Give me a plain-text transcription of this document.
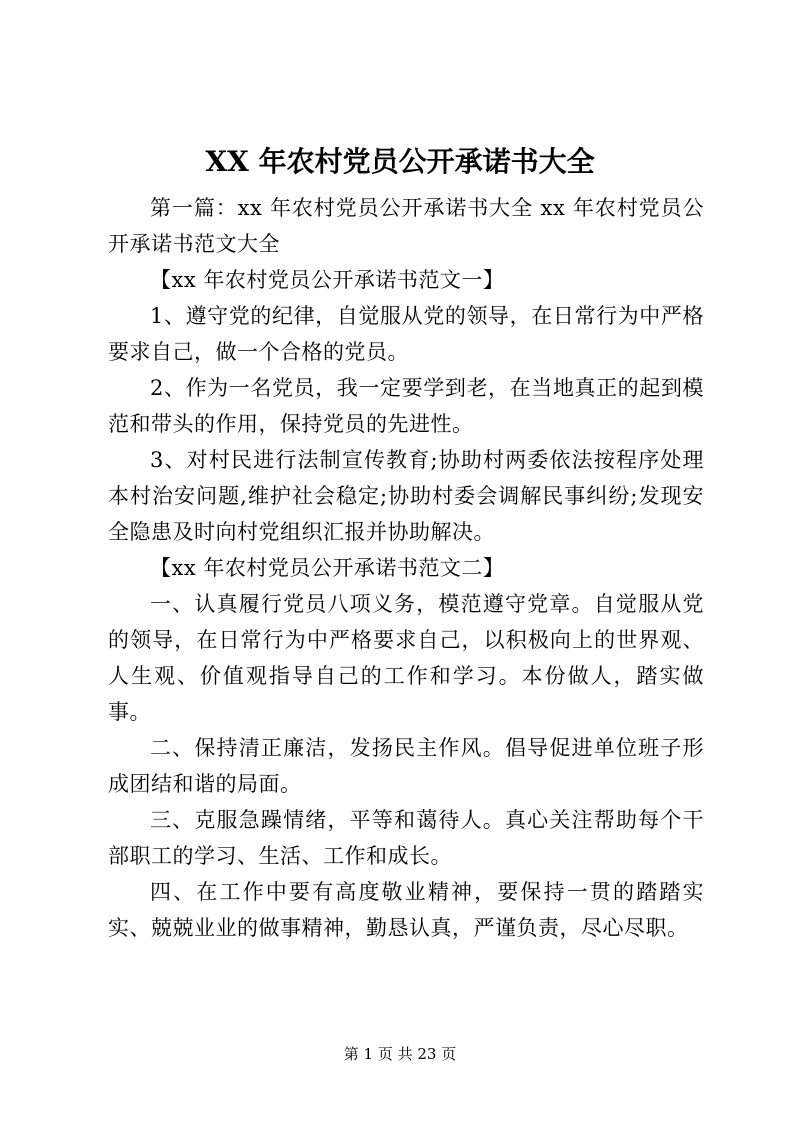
XX 年农村党员公开承诺书大全

第一篇：xx 年农村党员公开承诺书大全 xx 年农村党员公开承诺书范文大全

【xx 年农村党员公开承诺书范文一】

1、遵守党的纪律，自觉服从党的领导，在日常行为中严格要求自己，做一个合格的党员。

2、作为一名党员，我一定要学到老，在当地真正的起到模范和带头的作用，保持党员的先进性。

3、对村民进行法制宣传教育;协助村两委依法按程序处理本村治安问题,维护社会稳定;协助村委会调解民事纠纷;发现安全隐患及时向村党组织汇报并协助解决。

【xx 年农村党员公开承诺书范文二】

一、认真履行党员八项义务，模范遵守党章。自觉服从党的领导，在日常行为中严格要求自己，以积极向上的世界观、人生观、价值观指导自己的工作和学习。本份做人，踏实做事。

二、保持清正廉洁，发扬民主作风。倡导促进单位班子形成团结和谐的局面。

三、克服急躁情绪，平等和蔼待人。真心关注帮助每个干部职工的学习、生活、工作和成长。

四、在工作中要有高度敬业精神，要保持一贯的踏踏实实、兢兢业业的做事精神，勤恳认真，严谨负责，尽心尽职。

第 1 页 共 23 页
